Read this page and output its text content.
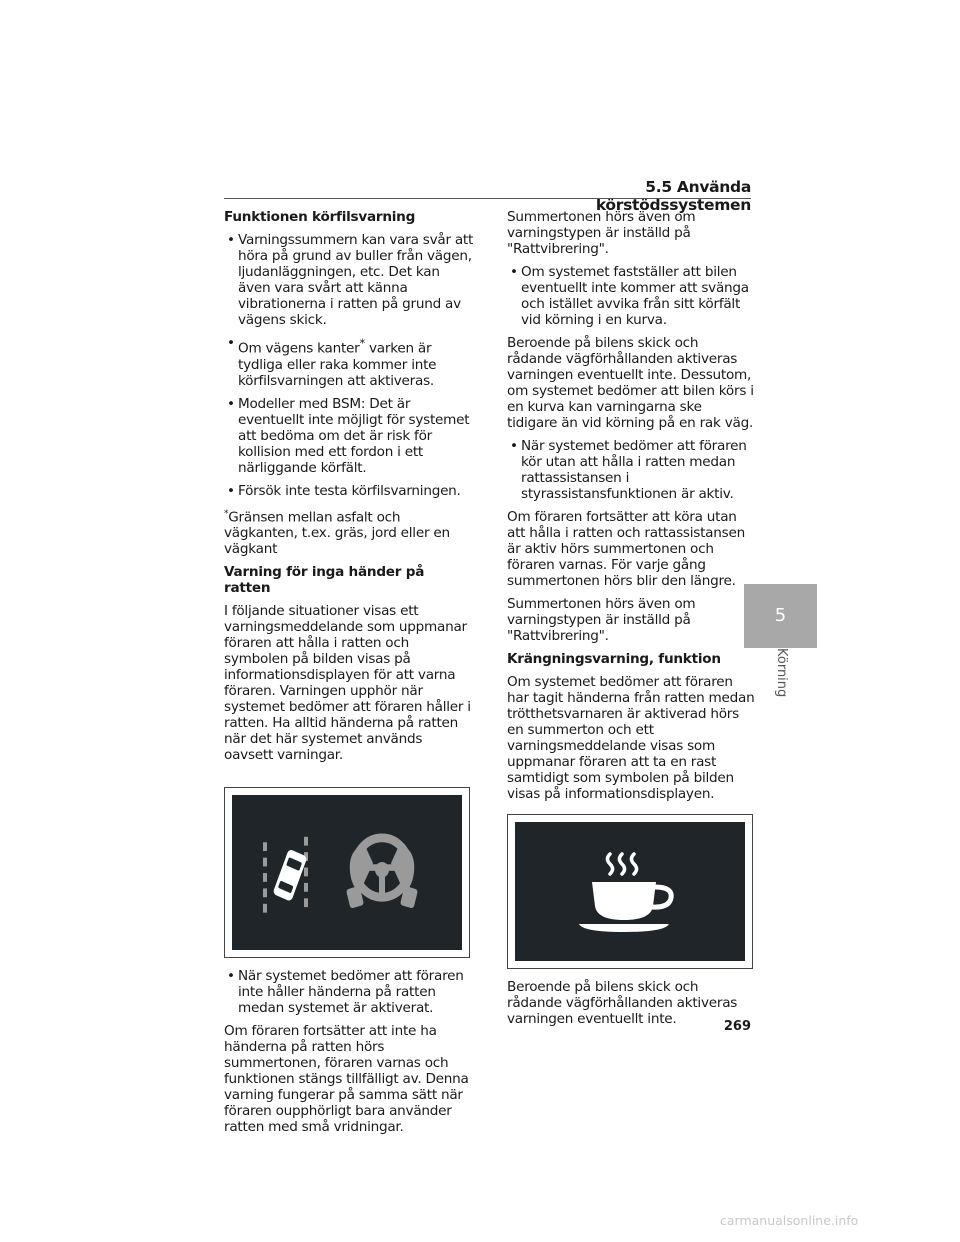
5.5 Använda körstödssystemen
Funktionen körfilsvarning
• Varningssummern kan vara svår att höra på grund av buller från vägen, ljudanläggningen, etc. Det kan även vara svårt att känna vibrationerna i ratten på grund av vägens skick.
• Om vägens kanter* varken är tydliga eller raka kommer inte körfilsvarningen att aktiveras.
• Modeller med BSM: Det är eventuellt inte möjligt för systemet att bedöma om det är risk för kollision med ett fordon i ett närliggande körfält.
• Försök inte testa körfilsvarningen.

*Gränsen mellan asfalt och vägkanten, t.ex. gräs, jord eller en vägkant

Varning för inga händer på ratten

I följande situationer visas ett varningsmeddelande som uppmanar föraren att hålla i ratten och symbolen på bilden visas på informationsdisplayen för att varna föraren. Varningen upphör när systemet bedömer att föraren håller i ratten. Ha alltid händerna på ratten när det här systemet används oavsett varningar.

• När systemet bedömer att föraren inte håller händerna på ratten medan systemet är aktiverat.

Om föraren fortsätter att inte ha händerna på ratten hörs summertonen, föraren varnas och funktionen stängs tillfälligt av. Denna varning fungerar på samma sätt när föraren oupphörligt bara använder ratten med små vridningar.

Summertonen hörs även om varningstypen är inställd på "Rattvibrering".

• Om systemet fastställer att bilen eventuellt inte kommer att svänga och istället avvika från sitt körfält vid körning i en kurva.

Beroende på bilens skick och rådande vägförhållanden aktiveras varningen eventuellt inte. Dessutom, om systemet bedömer att bilen körs i en kurva kan varningarna ske tidigare än vid körning på en rak väg.

• När systemet bedömer att föraren kör utan att hålla i ratten medan rattassistansen i styrassistansfunktionen är aktiv.

Om föraren fortsätter att köra utan att hålla i ratten och rattassistansen är aktiv hörs summertonen och föraren varnas. För varje gång summertonen hörs blir den längre.

Summertonen hörs även om varningstypen är inställd på "Rattvibrering".

Krängningsvarning, funktion

Om systemet bedömer att föraren har tagit händerna från ratten medan trötthetsvarnaren är aktiverad hörs en summerton och ett varningsmeddelande visas som uppmanar föraren att ta en rast samtidigt som symbolen på bilden visas på informationsdisplayen.

Beroende på bilens skick och rådande vägförhållanden aktiveras varningen eventuellt inte.

5
Körning
269
carmanualsonline.info
